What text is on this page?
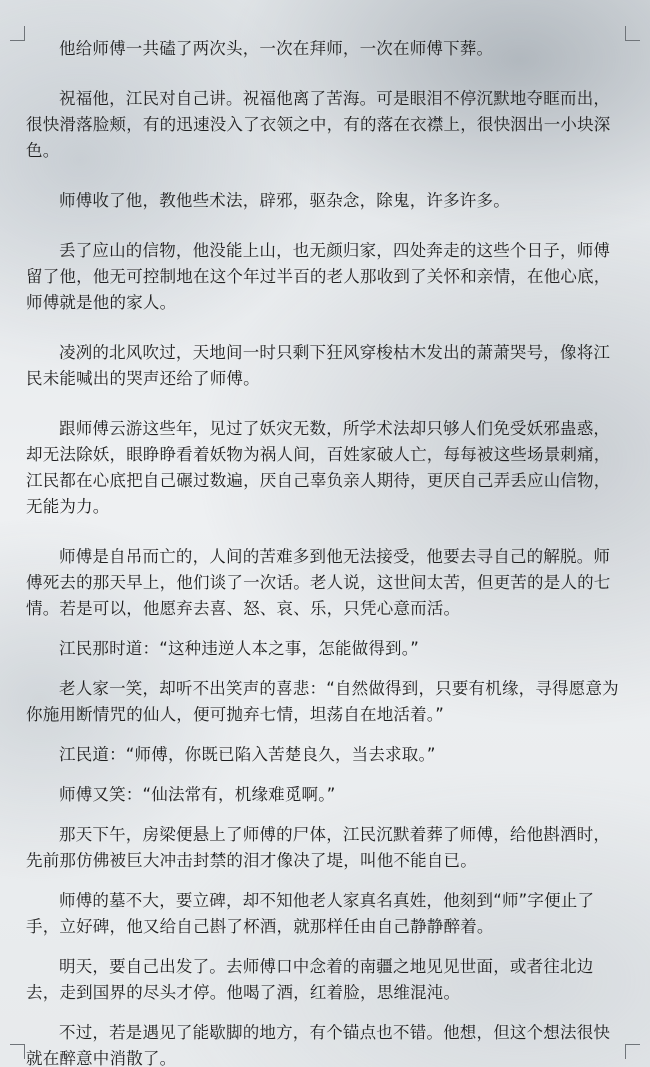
他给师傅一共磕了两次头，一次在拜师，一次在师傅下葬。

祝福他，江民对自己讲。祝福他离了苦海。可是眼泪不停沉默地夺眶而出，很快滑落脸颊，有的迅速没入了衣领之中，有的落在衣襟上，很快洇出一小块深色。

师傅收了他，教他些术法，辟邪，驱杂念，除鬼，许多许多。

丢了应山的信物，他没能上山，也无颜归家，四处奔走的这些个日子，师傅留了他，他无可控制地在这个年过半百的老人那收到了关怀和亲情，在他心底，师傅就是他的家人。

凌冽的北风吹过，天地间一时只剩下狂风穿梭枯木发出的萧萧哭号，像将江民未能喊出的哭声还给了师傅。

跟师傅云游这些年，见过了妖灾无数，所学术法却只够人们免受妖邪蛊惑，却无法除妖，眼睁睁看着妖物为祸人间，百姓家破人亡，每每被这些场景刺痛，江民都在心底把自己碾过数遍，厌自己辜负亲人期待，更厌自己弄丢应山信物，无能为力。

师傅是自吊而亡的，人间的苦难多到他无法接受，他要去寻自己的解脱。师傅死去的那天早上，他们谈了一次话。老人说，这世间太苦，但更苦的是人的七情。若是可以，他愿弃去喜、怒、哀、乐，只凭心意而活。

江民那时道：“这种违逆人本之事，怎能做得到。”

老人家一笑，却听不出笑声的喜悲：“自然做得到，只要有机缘，寻得愿意为你施用断情咒的仙人，便可抛弃七情，坦荡自在地活着。”

江民道：“师傅，你既已陷入苦楚良久，当去求取。”

师傅又笑：“仙法常有，机缘难觅啊。”

那天下午，房梁便悬上了师傅的尸体，江民沉默着葬了师傅，给他斟酒时，先前那仿佛被巨大冲击封禁的泪才像决了堤，叫他不能自已。

师傅的墓不大，要立碑，却不知他老人家真名真姓，他刻到“师”字便止了手，立好碑，他又给自己斟了杯酒，就那样任由自己静静醉着。

明天，要自己出发了。去师傅口中念着的南疆之地见见世面，或者往北边去，走到国界的尽头才停。他喝了酒，红着脸，思维混沌。

不过，若是遇见了能歇脚的地方，有个锚点也不错。他想，但这个想法很快就在醉意中消散了。
